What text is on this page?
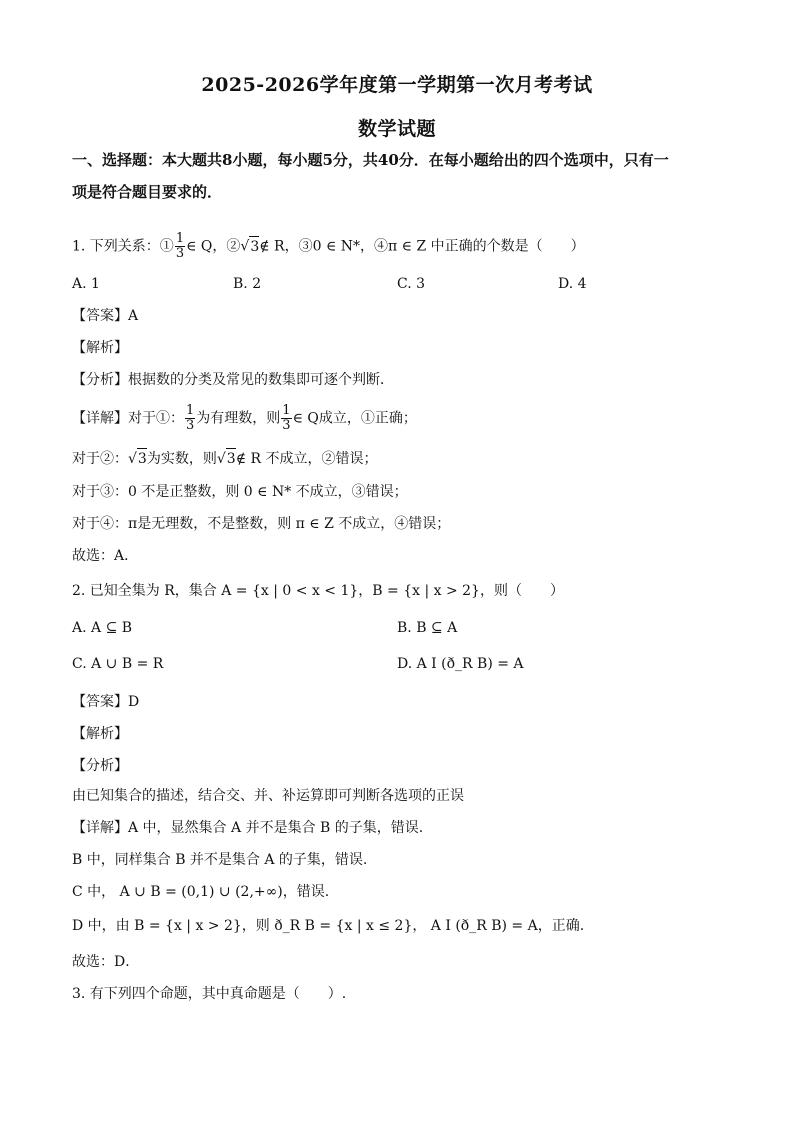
2025-2026学年度第一学期第一次月考考试
数学试题
一、选择题：本大题共8小题，每小题5分，共40分．在每小题给出的四个选项中，只有一
项是符合题目要求的．
1. 下列关系：① $\frac{1}{3}$ ∈ Q，②√3∉ R，③0 ∈ N*，④π ∈ Z 中正确的个数是（　　）
A. 1	B. 2	C. 3	D. 4
【答案】A
【解析】
【分析】根据数的分类及常见的数集即可逐个判断．
【详解】对于①： $\frac{1}{3}$ 为有理数，则 $\frac{1}{3}$ ∈ Q成立，①正确；
对于②：√3为实数，则√3∉ R 不成立，②错误；
对于③：0 不是正整数，则 0 ∈ N* 不成立，③错误；
对于④：π是无理数，不是整数，则 π ∈ Z 不成立，④错误；
故选：A．
2. 已知全集为 R，集合 A = {x | 0 < x < 1}，B = {x | x > 2}，则（　　）
A. A ⊆ B	B. B ⊆ A
C. A ∪ B = R	D. A I (ð_R B) = A
【答案】D
【解析】
【分析】
由已知集合的描述，结合交、并、补运算即可判断各选项的正误
【详解】A 中，显然集合 A 并不是集合 B 的子集，错误.
B 中，同样集合 B 并不是集合 A 的子集，错误.
C 中， A ∪ B = (0,1) ∪ (2,+∞)，错误.
D 中，由 B = {x | x > 2}，则 ð_R B = {x | x ≤ 2}， A I (ð_R B) = A，正确.
故选：D．
3. 有下列四个命题，其中真命题是（　　）.
